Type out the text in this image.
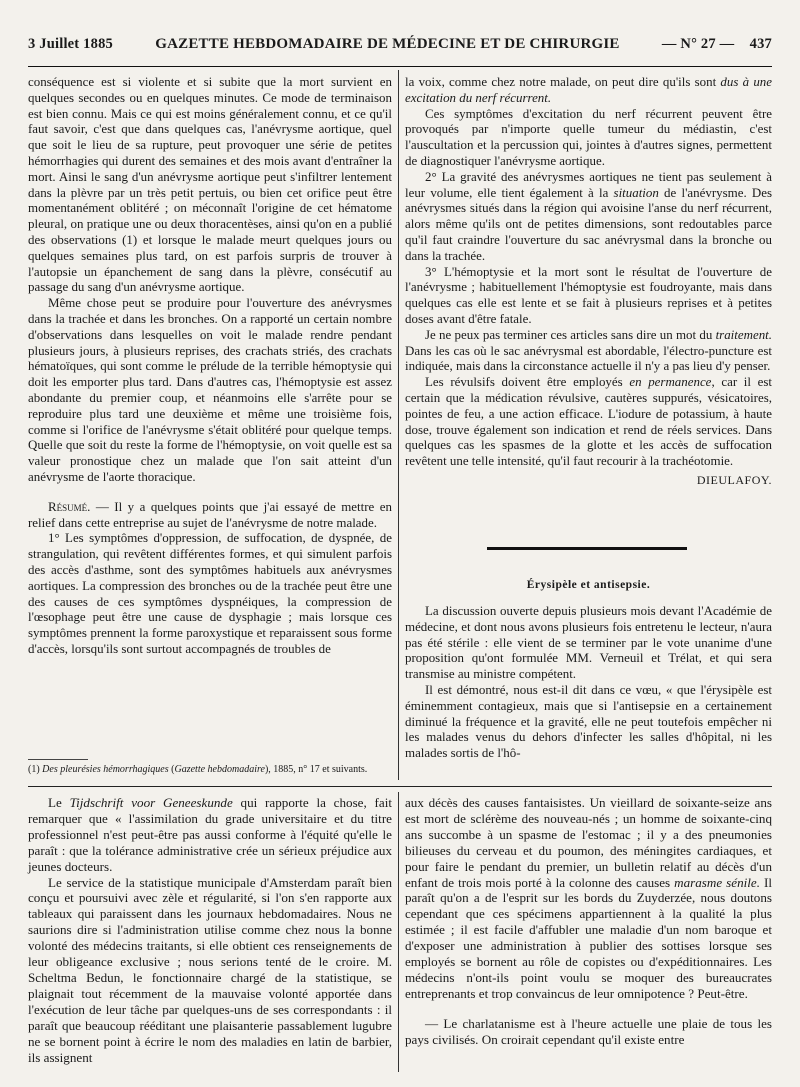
3 Juillet 1885	GAZETTE HEBDOMADAIRE DE MÉDECINE ET DE CHIRURGIE	— N° 27 — 437

conséquence est si violente et si subite que la mort survient en quelques secondes ou en quelques minutes. Ce mode de terminaison est bien connu. Mais ce qui est moins généralement connu, et ce qu'il faut savoir, c'est que dans quelques cas, l'anévrysme aortique, quel que soit le lieu de sa rupture, peut provoquer une série de petites hémorrhagies qui durent des semaines et des mois avant d'entraîner la mort. Ainsi le sang d'un anévrysme aortique peut s'infiltrer lentement dans la plèvre par un très petit pertuis, ou bien cet orifice peut être momentanément oblitéré ; on méconnaît l'origine de cet hématome pleural, on pratique une ou deux thoracentèses, ainsi qu'on en a publié des observations (1) et lorsque le malade meurt quelques jours ou quelques semaines plus tard, on est parfois surpris de trouver à l'autopsie un épanchement de sang dans la plèvre, consécutif au passage du sang d'un anévrysme aortique.

Même chose peut se produire pour l'ouverture des anévrysmes dans la trachée et dans les bronches. On a rapporté un certain nombre d'observations dans lesquelles on voit le malade rendre pendant plusieurs jours, à plusieurs reprises, des crachats striés, des crachats hématoïques, qui sont comme le prélude de la terrible hémoptysie qui doit les emporter plus tard. Dans d'autres cas, l'hémoptysie est assez abondante du premier coup, et néanmoins elle s'arrête pour se reproduire plus tard une deuxième et même une troisième fois, comme si l'orifice de l'anévrysme s'était oblitéré pour quelque temps. Quelle que soit du reste la forme de l'hémoptysie, on voit quelle est sa valeur pronostique chez un malade que l'on sait atteint d'un anévrysme de l'aorte thoracique.

Résumé. — Il y a quelques points que j'ai essayé de mettre en relief dans cette entreprise au sujet de l'anévrysme de notre malade.

1° Les symptômes d'oppression, de suffocation, de dyspnée, de strangulation, qui revêtent différentes formes, et qui simulent parfois des accès d'asthme, sont des symptômes habituels aux anévrysmes aortiques. La compression des bronches ou de la trachée peut être une des causes de ces symptômes dyspnéiques, la compression de l'œsophage peut être une cause de dysphagie ; mais lorsque ces symptômes prennent la forme paroxystique et reparaissent sous forme d'accès, lorsqu'ils sont surtout accompagnés de troubles de

(1) Des pleurésies hémorrhagiques (Gazette hebdomadaire), 1885, n° 17 et suivants.

la voix, comme chez notre malade, on peut dire qu'ils sont dus à une excitation du nerf récurrent.

Ces symptômes d'excitation du nerf récurrent peuvent être provoqués par n'importe quelle tumeur du médiastin, c'est l'auscultation et la percussion qui, jointes à d'autres signes, permettent de diagnostiquer l'anévrysme aortique.

2° La gravité des anévrysmes aortiques ne tient pas seulement à leur volume, elle tient également à la situation de l'anévrysme. Des anévrysmes situés dans la région qui avoisine l'anse du nerf récurrent, alors même qu'ils ont de petites dimensions, sont redoutables parce qu'il faut craindre l'ouverture du sac anévrysmal dans la bronche ou dans la trachée.

3° L'hémoptysie et la mort sont le résultat de l'ouverture de l'anévrysme ; habituellement l'hémoptysie est foudroyante, mais dans quelques cas elle est lente et se fait à plusieurs reprises et à petites doses avant d'être fatale.

Je ne peux pas terminer ces articles sans dire un mot du traitement. Dans les cas où le sac anévrysmal est abordable, l'électro-puncture est indiquée, mais dans la circonstance actuelle il n'y a pas lieu d'y penser.

Les révulsifs doivent être employés en permanence, car il est certain que la médication révulsive, cautères suppurés, vésicatoires, pointes de feu, a une action efficace. L'iodure de potassium, à haute dose, trouve également son indication et rend de réels services. Dans quelques cas les spasmes de la glotte et les accès de suffocation revêtent une telle intensité, qu'il faut recourir à la trachéotomie.

DIEULAFOY.
Érysipèle et antisepsie.

La discussion ouverte depuis plusieurs mois devant l'Académie de médecine, et dont nous avons plusieurs fois entretenu le lecteur, n'aura pas été stérile : elle vient de se terminer par le vote unanime d'une proposition qu'ont formulée MM. Verneuil et Trélat, et qui sera transmise au ministre compétent.

Il est démontré, nous est-il dit dans ce vœu, « que l'érysipèle est éminemment contagieux, mais que si l'antisepsie en a certainement diminué la fréquence et la gravité, elle ne peut toutefois empêcher ni les malades venus du dehors d'infecter les salles d'hôpital, ni les malades sortis de l'hô-

Le Tijdschrift voor Geneeskunde qui rapporte la chose, fait remarquer que « l'assimilation du grade universitaire et du titre professionnel n'est peut-être pas aussi conforme à l'équité qu'elle le paraît : que la tolérance administrative crée un sérieux préjudice aux jeunes docteurs.

Le service de la statistique municipale d'Amsterdam paraît bien conçu et poursuivi avec zèle et régularité, si l'on s'en rapporte aux tableaux qui paraissent dans les journaux hebdomadaires. Nous ne saurions dire si l'administration utilise comme chez nous la bonne volonté des médecins traitants, si elle obtient ces renseignements de leur obligeance exclusive ; nous serions tenté de le croire. M. Scheltma Bedun, le fonctionnaire chargé de la statistique, se plaignait tout récemment de la mauvaise volonté apportée dans l'exécution de leur tâche par quelques-uns de ses correspondants : il paraît que beaucoup rééditant une plaisanterie passablement lugubre ne se bornent point à écrire le nom des maladies en latin de barbier, ils assignent

aux décès des causes fantaisistes. Un vieillard de soixante-seize ans est mort de sclérème des nouveau-nés ; un homme de soixante-cinq ans succombe à un spasme de l'estomac ; il y a des pneumonies bilieuses du cerveau et du poumon, des méningites cardiaques, et pour faire le pendant du premier, un bulletin relatif au décès d'un enfant de trois mois porté à la colonne des causes marasme sénile. Il paraît qu'on a de l'esprit sur les bords du Zuyderzée, nous doutons cependant que ces spécimens appartiennent à la qualité la plus estimée ; il est facile d'affubler une maladie d'un nom baroque et d'exposer une administration à publier des sottises lorsque ses employés se bornent au rôle de copistes ou d'expéditionnaires. Les médecins n'ont-ils point voulu se moquer des bureaucrates entreprenants et trop convaincus de leur omnipotence ? Peut-être.

— Le charlatanisme est à l'heure actuelle une plaie de tous les pays civilisés. On croirait cependant qu'il existe entre
